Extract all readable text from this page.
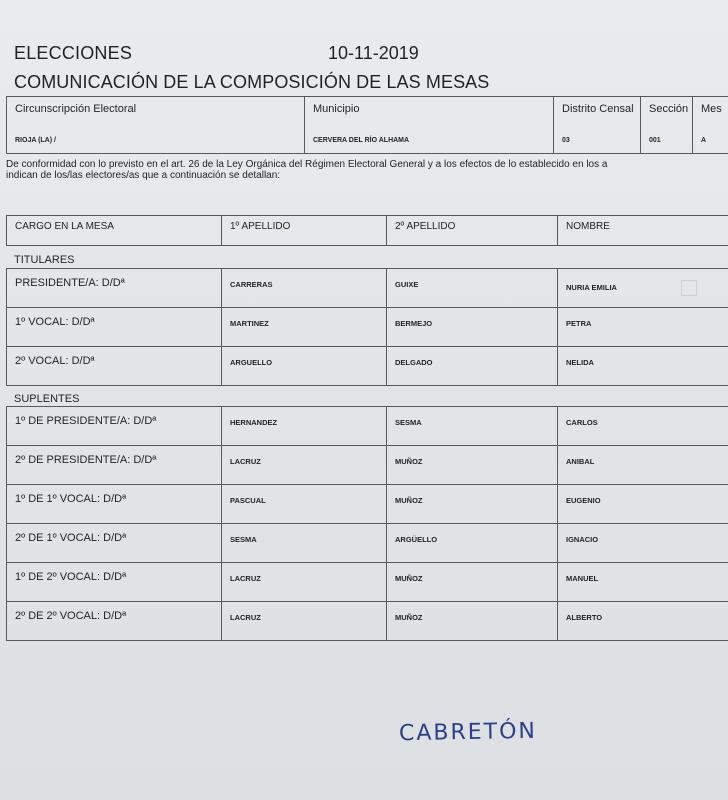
ELECCIONES	10-11-2019
COMUNICACIÓN DE LA COMPOSICIÓN DE LAS MESAS
Circunscripción Electoral
RIOJA (LA) /

Municipio
CERVERA DEL RÍO ALHAMA

Distrito Censal
03

Sección
001

Mes
A
De conformidad con lo previsto en el art. 26 de la Ley Orgánica del Régimen Electoral General y a los efectos de lo establecido en los a
indican de los/las electores/as que a continuación se detallan:
CARGO EN LA MESA	1º APELLIDO	2º APELLIDO	NOMBRE
TITULARES
PRESIDENTE/A: D/Dª	CARRERAS	GUIXE	NURIA EMILIA

1º VOCAL: D/Dª	MARTINEZ	BERMEJO	PETRA

2º VOCAL: D/Dª	ARGUELLO	DELGADO	NELIDA
SUPLENTES
1º DE PRESIDENTE/A: D/Dª	HERNANDEZ	SESMA	CARLOS

2º DE PRESIDENTE/A: D/Dª	LACRUZ	MUÑOZ	ANIBAL

1º DE 1º VOCAL: D/Dª	PASCUAL	MUÑOZ	EUGENIO

2º DE 1º VOCAL: D/Dª	SESMA	ARGÜELLO	IGNACIO

1º DE 2º VOCAL: D/Dª	LACRUZ	MUÑOZ	MANUEL

2º DE 2º VOCAL: D/Dª	LACRUZ	MUÑOZ	ALBERTO
CABRETÓN
